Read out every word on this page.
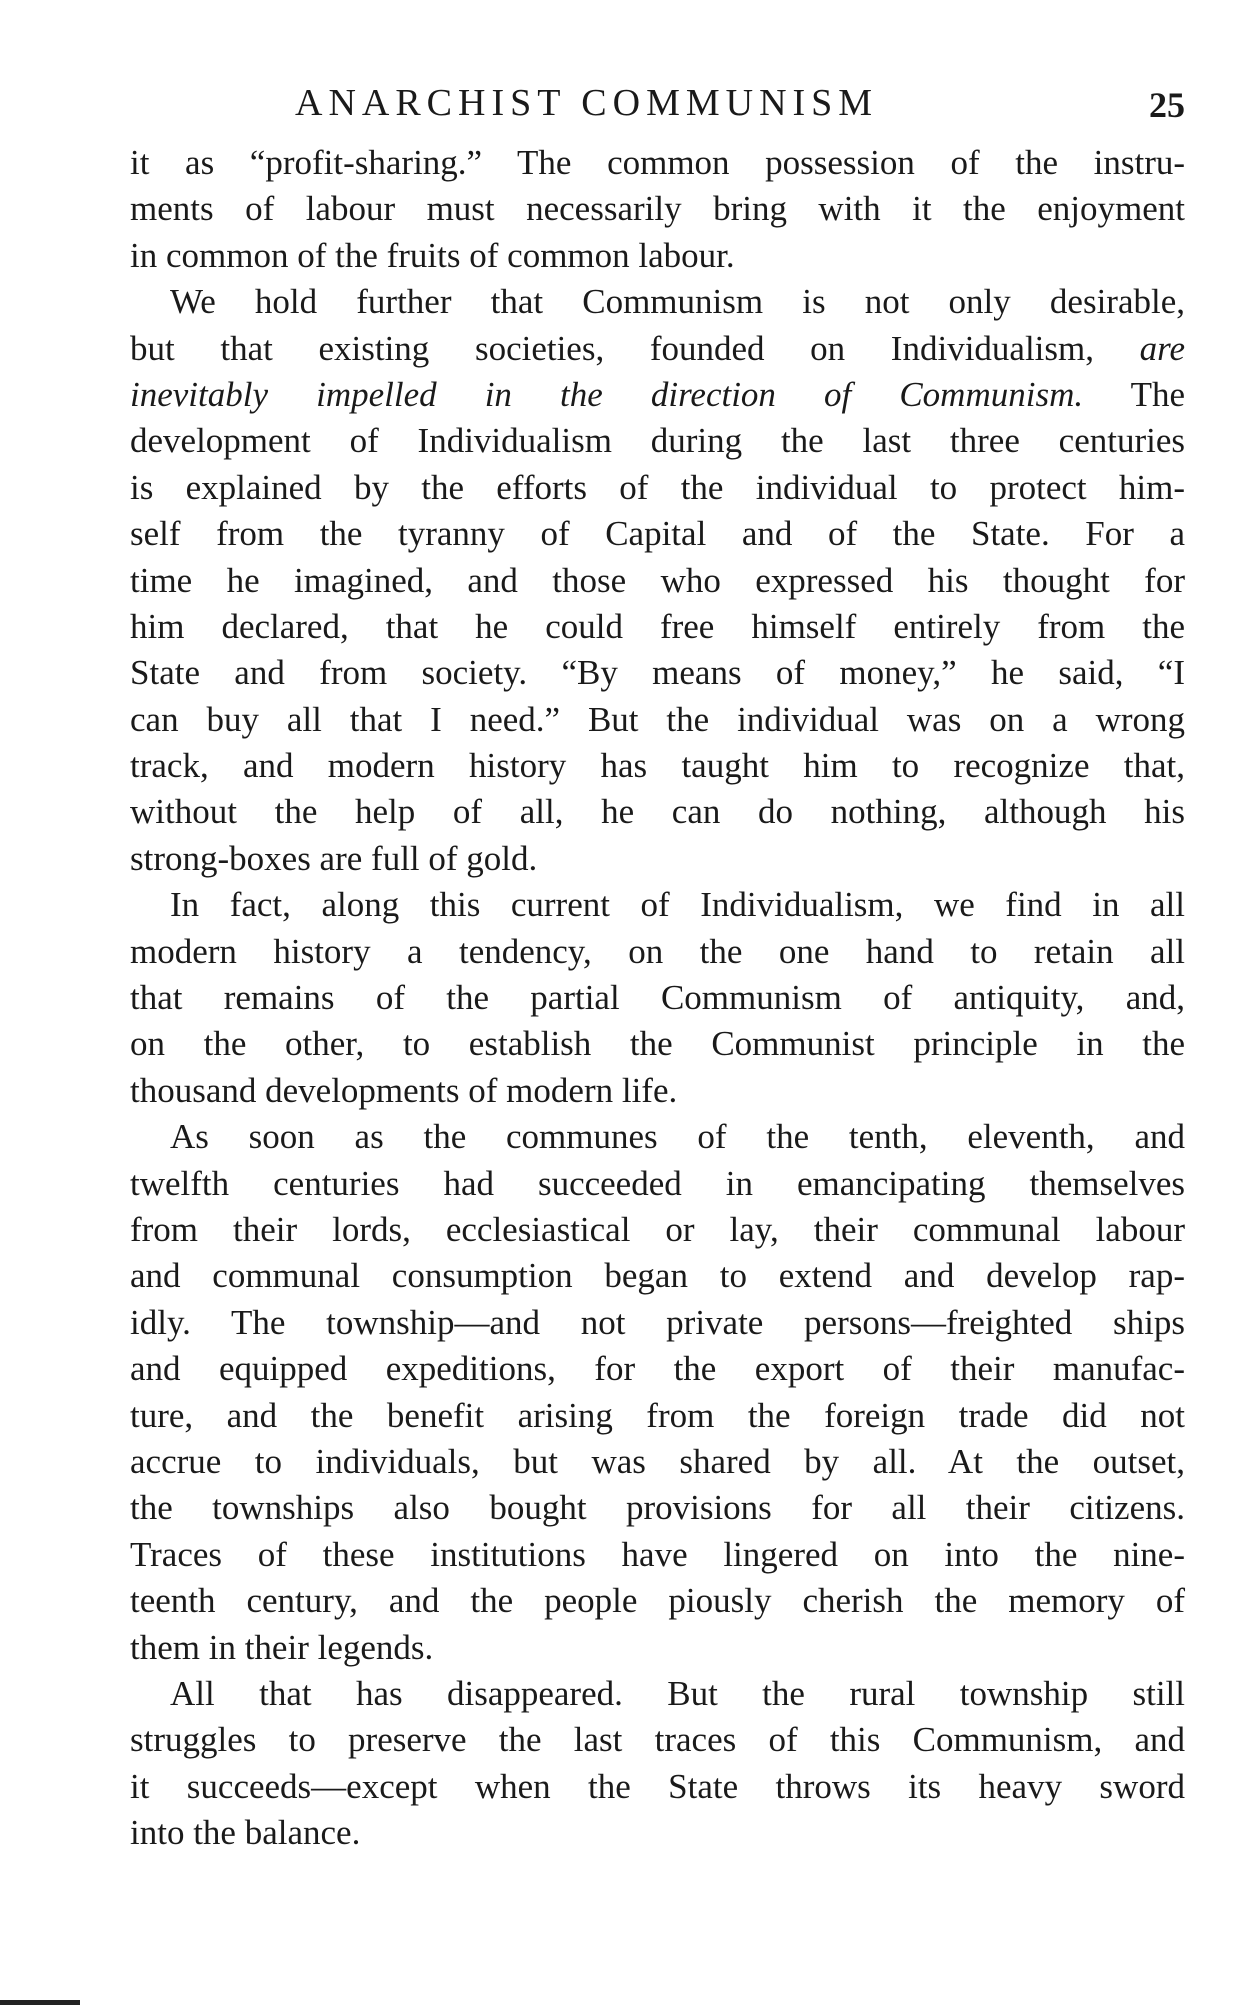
ANARCHIST COMMUNISM	25
it as “profit-sharing.” The common possession of the instru-
ments of labour must necessarily bring with it the enjoyment
in common of the fruits of common labour.
We hold further that Communism is not only desirable,
but that existing societies, founded on Individualism, are
inevitably impelled in the direction of Communism. The
development of Individualism during the last three centuries
is explained by the efforts of the individual to protect him-
self from the tyranny of Capital and of the State. For a
time he imagined, and those who expressed his thought for
him declared, that he could free himself entirely from the
State and from society. “By means of money,” he said, “I
can buy all that I need.” But the individual was on a wrong
track, and modern history has taught him to recognize that,
without the help of all, he can do nothing, although his
strong-boxes are full of gold.
In fact, along this current of Individualism, we find in all
modern history a tendency, on the one hand to retain all
that remains of the partial Communism of antiquity, and,
on the other, to establish the Communist principle in the
thousand developments of modern life.
As soon as the communes of the tenth, eleventh, and
twelfth centuries had succeeded in emancipating themselves
from their lords, ecclesiastical or lay, their communal labour
and communal consumption began to extend and develop rap-
idly. The township—and not private persons—freighted ships
and equipped expeditions, for the export of their manufac-
ture, and the benefit arising from the foreign trade did not
accrue to individuals, but was shared by all. At the outset,
the townships also bought provisions for all their citizens.
Traces of these institutions have lingered on into the nine-
teenth century, and the people piously cherish the memory of
them in their legends.
All that has disappeared. But the rural township still
struggles to preserve the last traces of this Communism, and
it succeeds—except when the State throws its heavy sword
into the balance.
